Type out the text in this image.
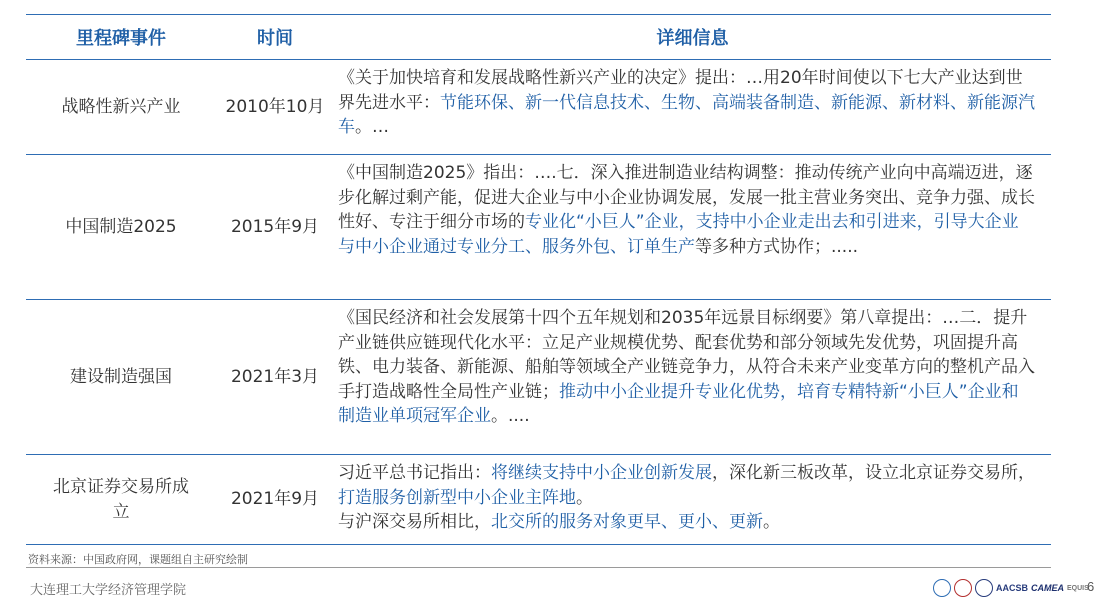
里程碑事件	时间	详细信息
战略性新兴产业	2010年10月	《关于加快培育和发展战略性新兴产业的决定》提出：…用20年时间使以下七大产业达到世界先进水平：节能环保、新一代信息技术、生物、高端装备制造、新能源、新材料、新能源汽车。…
中国制造2025	2015年9月	《中国制造2025》指出：….七．深入推进制造业结构调整：推动传统产业向中高端迈进，逐步化解过剩产能，促进大企业与中小企业协调发展，发展一批主营业务突出、竞争力强、成长性好、专注于细分市场的专业化“小巨人”企业，支持中小企业走出去和引进来，引导大企业与中小企业通过专业分工、服务外包、订单生产等多种方式协作；.....
建设制造强国	2021年3月	《国民经济和社会发展第十四个五年规划和2035年远景目标纲要》第八章提出：…二．提升产业链供应链现代化水平：立足产业规模优势、配套优势和部分领域先发优势，巩固提升高铁、电力装备、新能源、船舶等领域全产业链竞争力，从符合未来产业变革方向的整机产品入手打造战略性全局性产业链；推动中小企业提升专业化优势，培育专精特新“小巨人”企业和制造业单项冠军企业。....
北京证券交易所成立	2021年9月	习近平总书记指出：将继续支持中小企业创新发展，深化新三板改革，设立北京证券交易所，打造服务创新型中小企业主阵地。
与沪深交易所相比，北交所的服务对象更早、更小、更新。
资料来源：中国政府网，课题组自主研究绘制
大连理工大学经济管理学院	AACSB CAMEA EQUIS
6
